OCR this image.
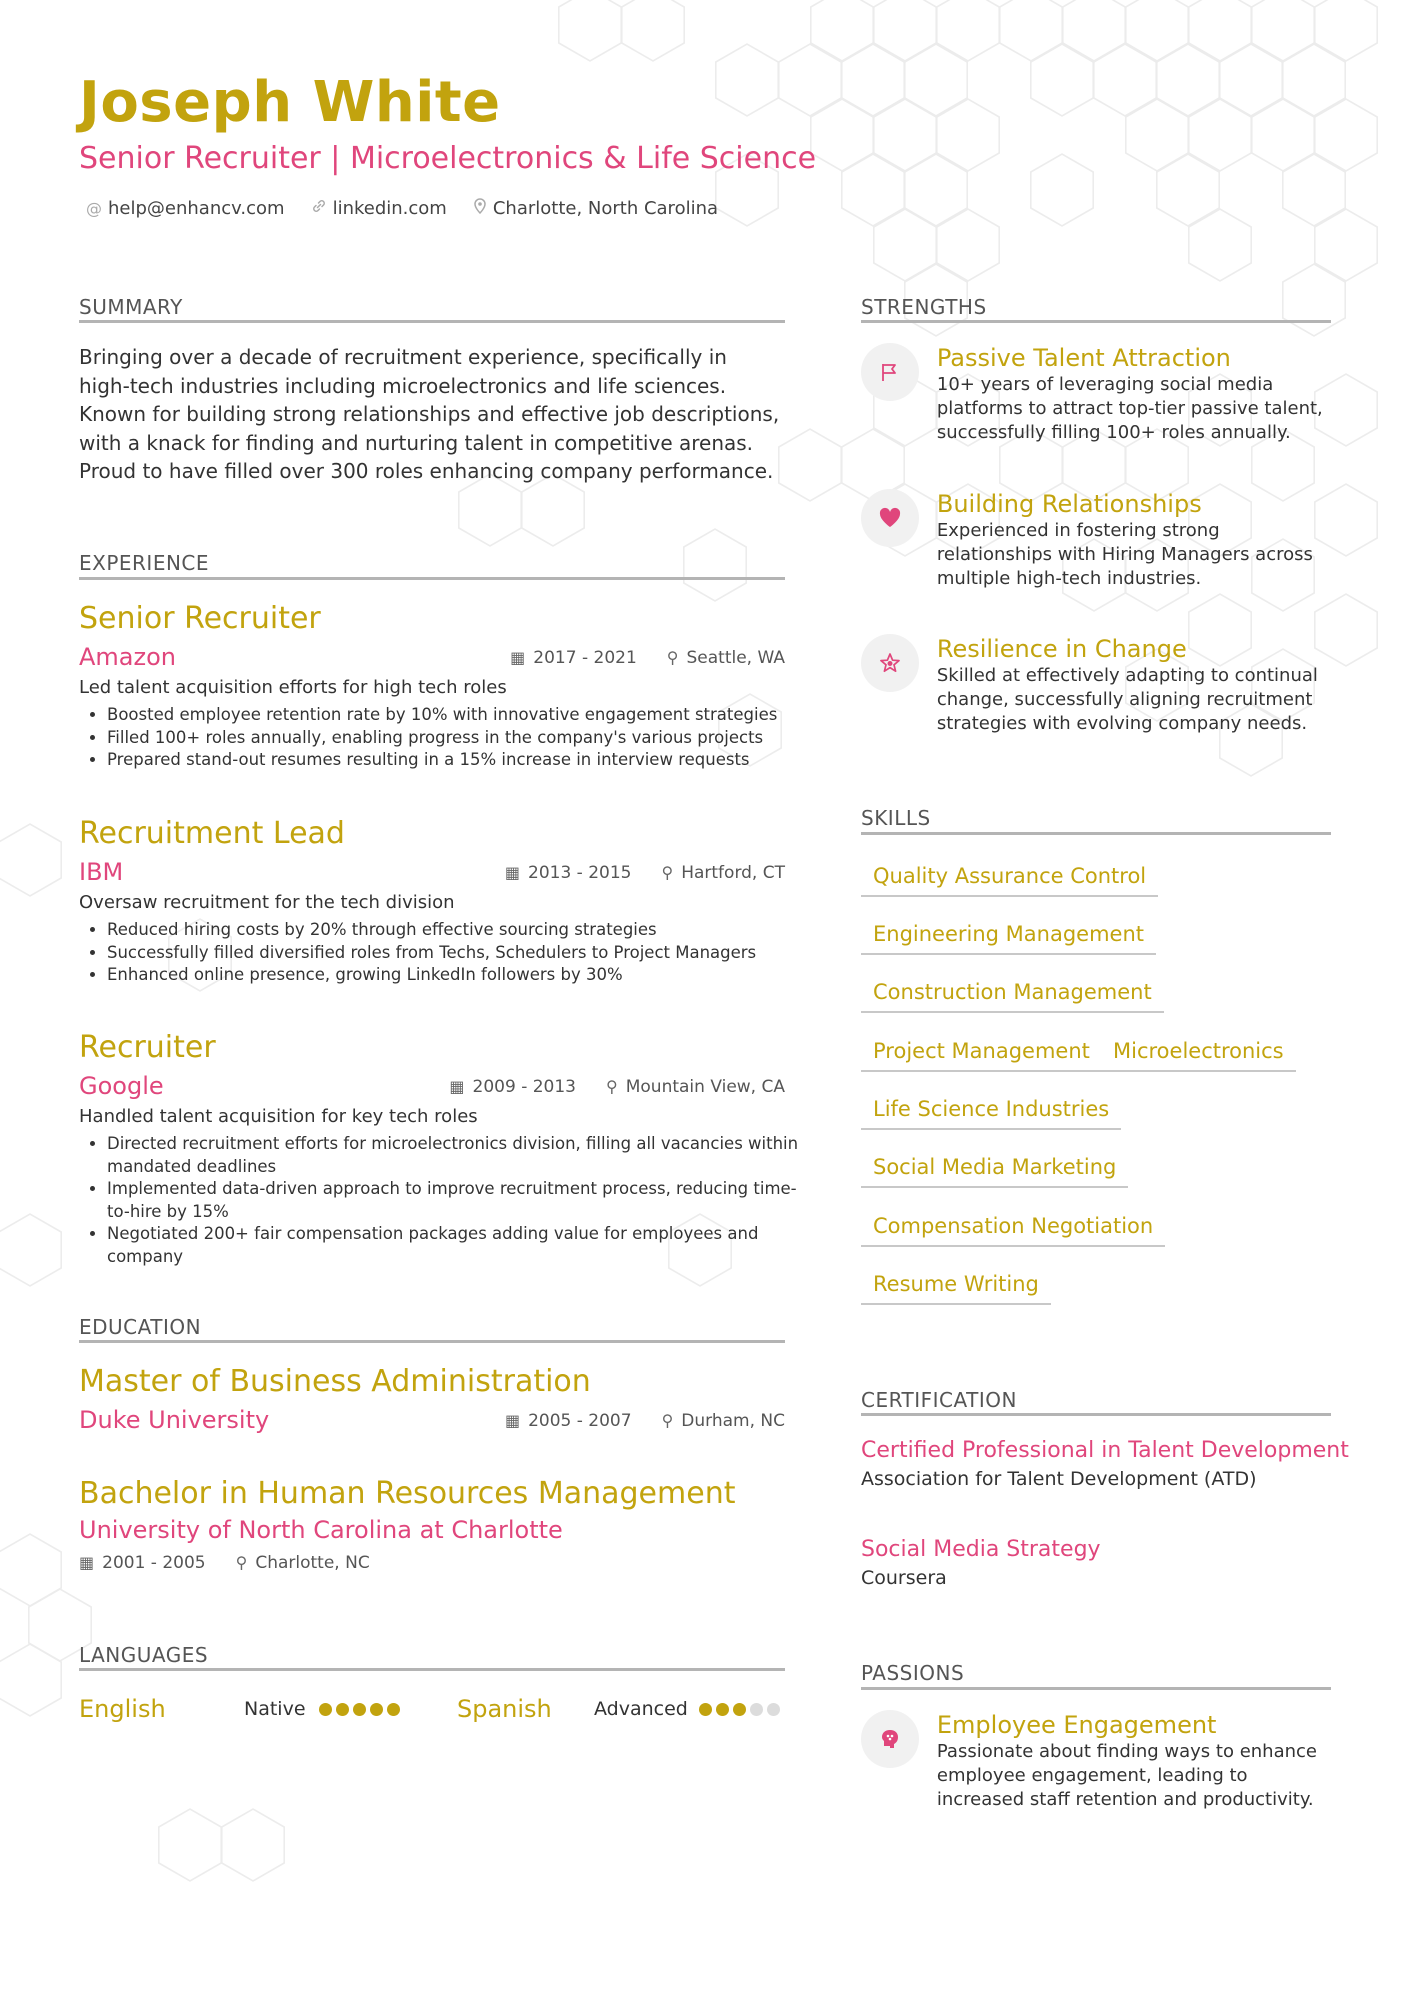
Joseph White
Senior Recruiter | Microelectronics & Life Science
@ help@enhancv.com	linkedin.com	Charlotte, North Carolina
SUMMARY
Bringing over a decade of recruitment experience, specifically in high-tech industries including microelectronics and life sciences. Known for building strong relationships and effective job descriptions, with a knack for finding and nurturing talent in competitive arenas. Proud to have filled over 300 roles enhancing company performance.
EXPERIENCE
Senior Recruiter
Amazon	▦ 2017 - 2021 ⚲ Seattle, WA
Led talent acquisition efforts for high tech roles
• Boosted employee retention rate by 10% with innovative engagement strategies
• Filled 100+ roles annually, enabling progress in the company's various projects
• Prepared stand-out resumes resulting in a 15% increase in interview requests
Recruitment Lead
IBM	▦ 2013 - 2015 ⚲ Hartford, CT
Oversaw recruitment for the tech division
• Reduced hiring costs by 20% through effective sourcing strategies
• Successfully filled diversified roles from Techs, Schedulers to Project Managers
• Enhanced online presence, growing LinkedIn followers by 30%
Recruiter
Google	▦ 2009 - 2013 ⚲ Mountain View, CA
Handled talent acquisition for key tech roles
• Directed recruitment efforts for microelectronics division, filling all vacancies within mandated deadlines
• Implemented data-driven approach to improve recruitment process, reducing time-to-hire by 15%
• Negotiated 200+ fair compensation packages adding value for employees and company
EDUCATION
Master of Business Administration
Duke University	▦ 2005 - 2007 ⚲ Durham, NC
Bachelor in Human Resources Management
University of North Carolina at Charlotte
▦ 2001 - 2005 ⚲ Charlotte, NC
LANGUAGES
English	Native	Spanish Advanced
STRENGTHS
Passive Talent Attraction
10+ years of leveraging social media platforms to attract top-tier passive talent, successfully filling 100+ roles annually.
Building Relationships
Experienced in fostering strong relationships with Hiring Managers across multiple high-tech industries.
Resilience in Change
Skilled at effectively adapting to continual change, successfully aligning recruitment strategies with evolving company needs.
SKILLS
Quality Assurance Control
Engineering Management
Construction Management
Project Management	Microelectronics
Life Science Industries
Social Media Marketing
Compensation Negotiation
Resume Writing
CERTIFICATION
Certified Professional in Talent Development
Association for Talent Development (ATD)
Social Media Strategy
Coursera
PASSIONS
Employee Engagement
Passionate about finding ways to enhance employee engagement, leading to increased staff retention and productivity.
